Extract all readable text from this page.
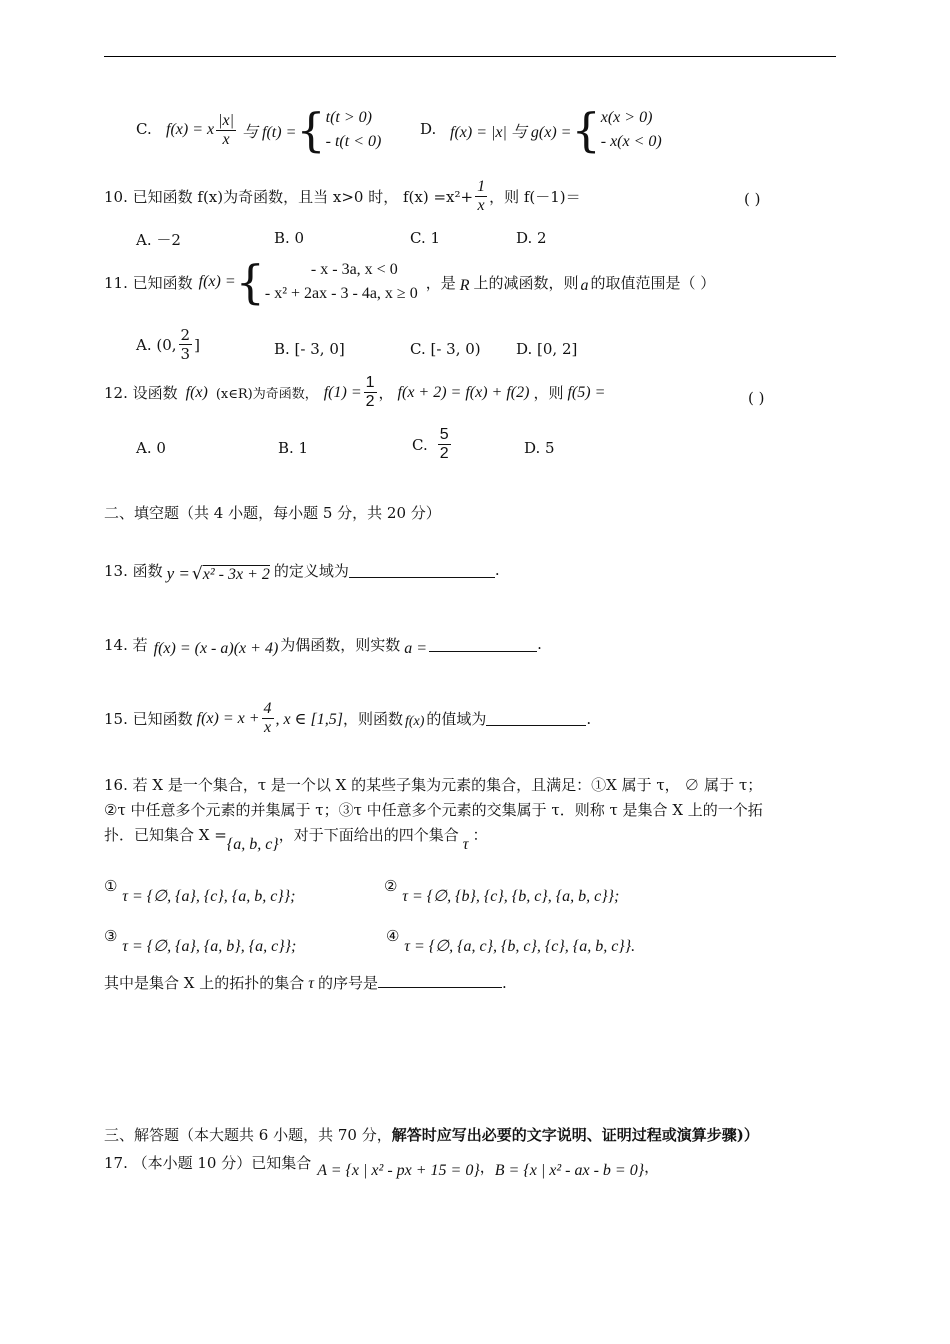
C. f(x) = x $\frac{|x|}{x}$ 与 f(t) = { t(t > 0)
- t(t < 0)
D. f(x) = |x| 与 g(x) = { x(x > 0)
- x(x < 0)
10. 已知函数 f(x)为奇函数，且当 x>0 时， $f(x) =x^2+ \frac{1}{x}$ ，则 f(－1)＝	( )
A. －2	B. 0	C. 1	D. 2
11. 已知函数 f(x) = {	- x - 3a, x < 0
- x² + 2ax - 3 - 4a, x ≥ 0
，是 R 上的减函数，则 a 的取值范围是（ ）
A. (0, $\frac{2}{3}$ ]	B. [- 3, 0]	C. [- 3, 0) D. [0, 2]
12. 设函数 f(x) (x∈R)为奇函数， $f(1) = \frac{1}{2}$ ， f(x + 2) = f(x) + f(2) ，则 f(5) =	( )
A. 0	B. 1	C. $\frac{5}{2}$	D. 5
二、填空题（共 4 小题，每小题 5 分，共 20 分）
13. 函数 y = √ x² - 3x + 2 的定义域为	.
14. 若 f(x) = (x - a)(x + 4) 为偶函数，则实数 a =	.
15. 已知函数 $f(x) = x + \frac{4}{x}$ , x ∈ [1,5] ，则函数 f(x) 的值域为	.
16. 若 X 是一个集合，τ 是一个以 X 的某些子集为元素的集合，且满足：①X 属于 τ， ∅ 属于 τ；
②τ 中任意多个元素的并集属于 τ；③τ 中任意多个元素的交集属于 τ．则称 τ 是集合 X 上的一个拓
扑．已知集合 X =
{a, b, c}
，对于下面给出的四个集合
τ
：
① τ = {∅, {a}, {c}, {a, b, c}};
② τ = {∅, {b}, {c}, {b, c}, {a, b, c}};
③ τ = {∅, {a}, {a, b}, {a, c}};
④ τ = {∅, {a, c}, {b, c}, {c}, {a, b, c}}.
其中是集合 X 上的拓扑的集合 τ 的序号是	.
三、解答题（本大题共 6 小题，共 70 分，解答时应写出必要的文字说明、证明过程或演算步骤)）
17. （本小题 10 分）已知集合 A = {x | x² - px + 15 = 0} ， B = {x | x² - ax - b = 0} ，
